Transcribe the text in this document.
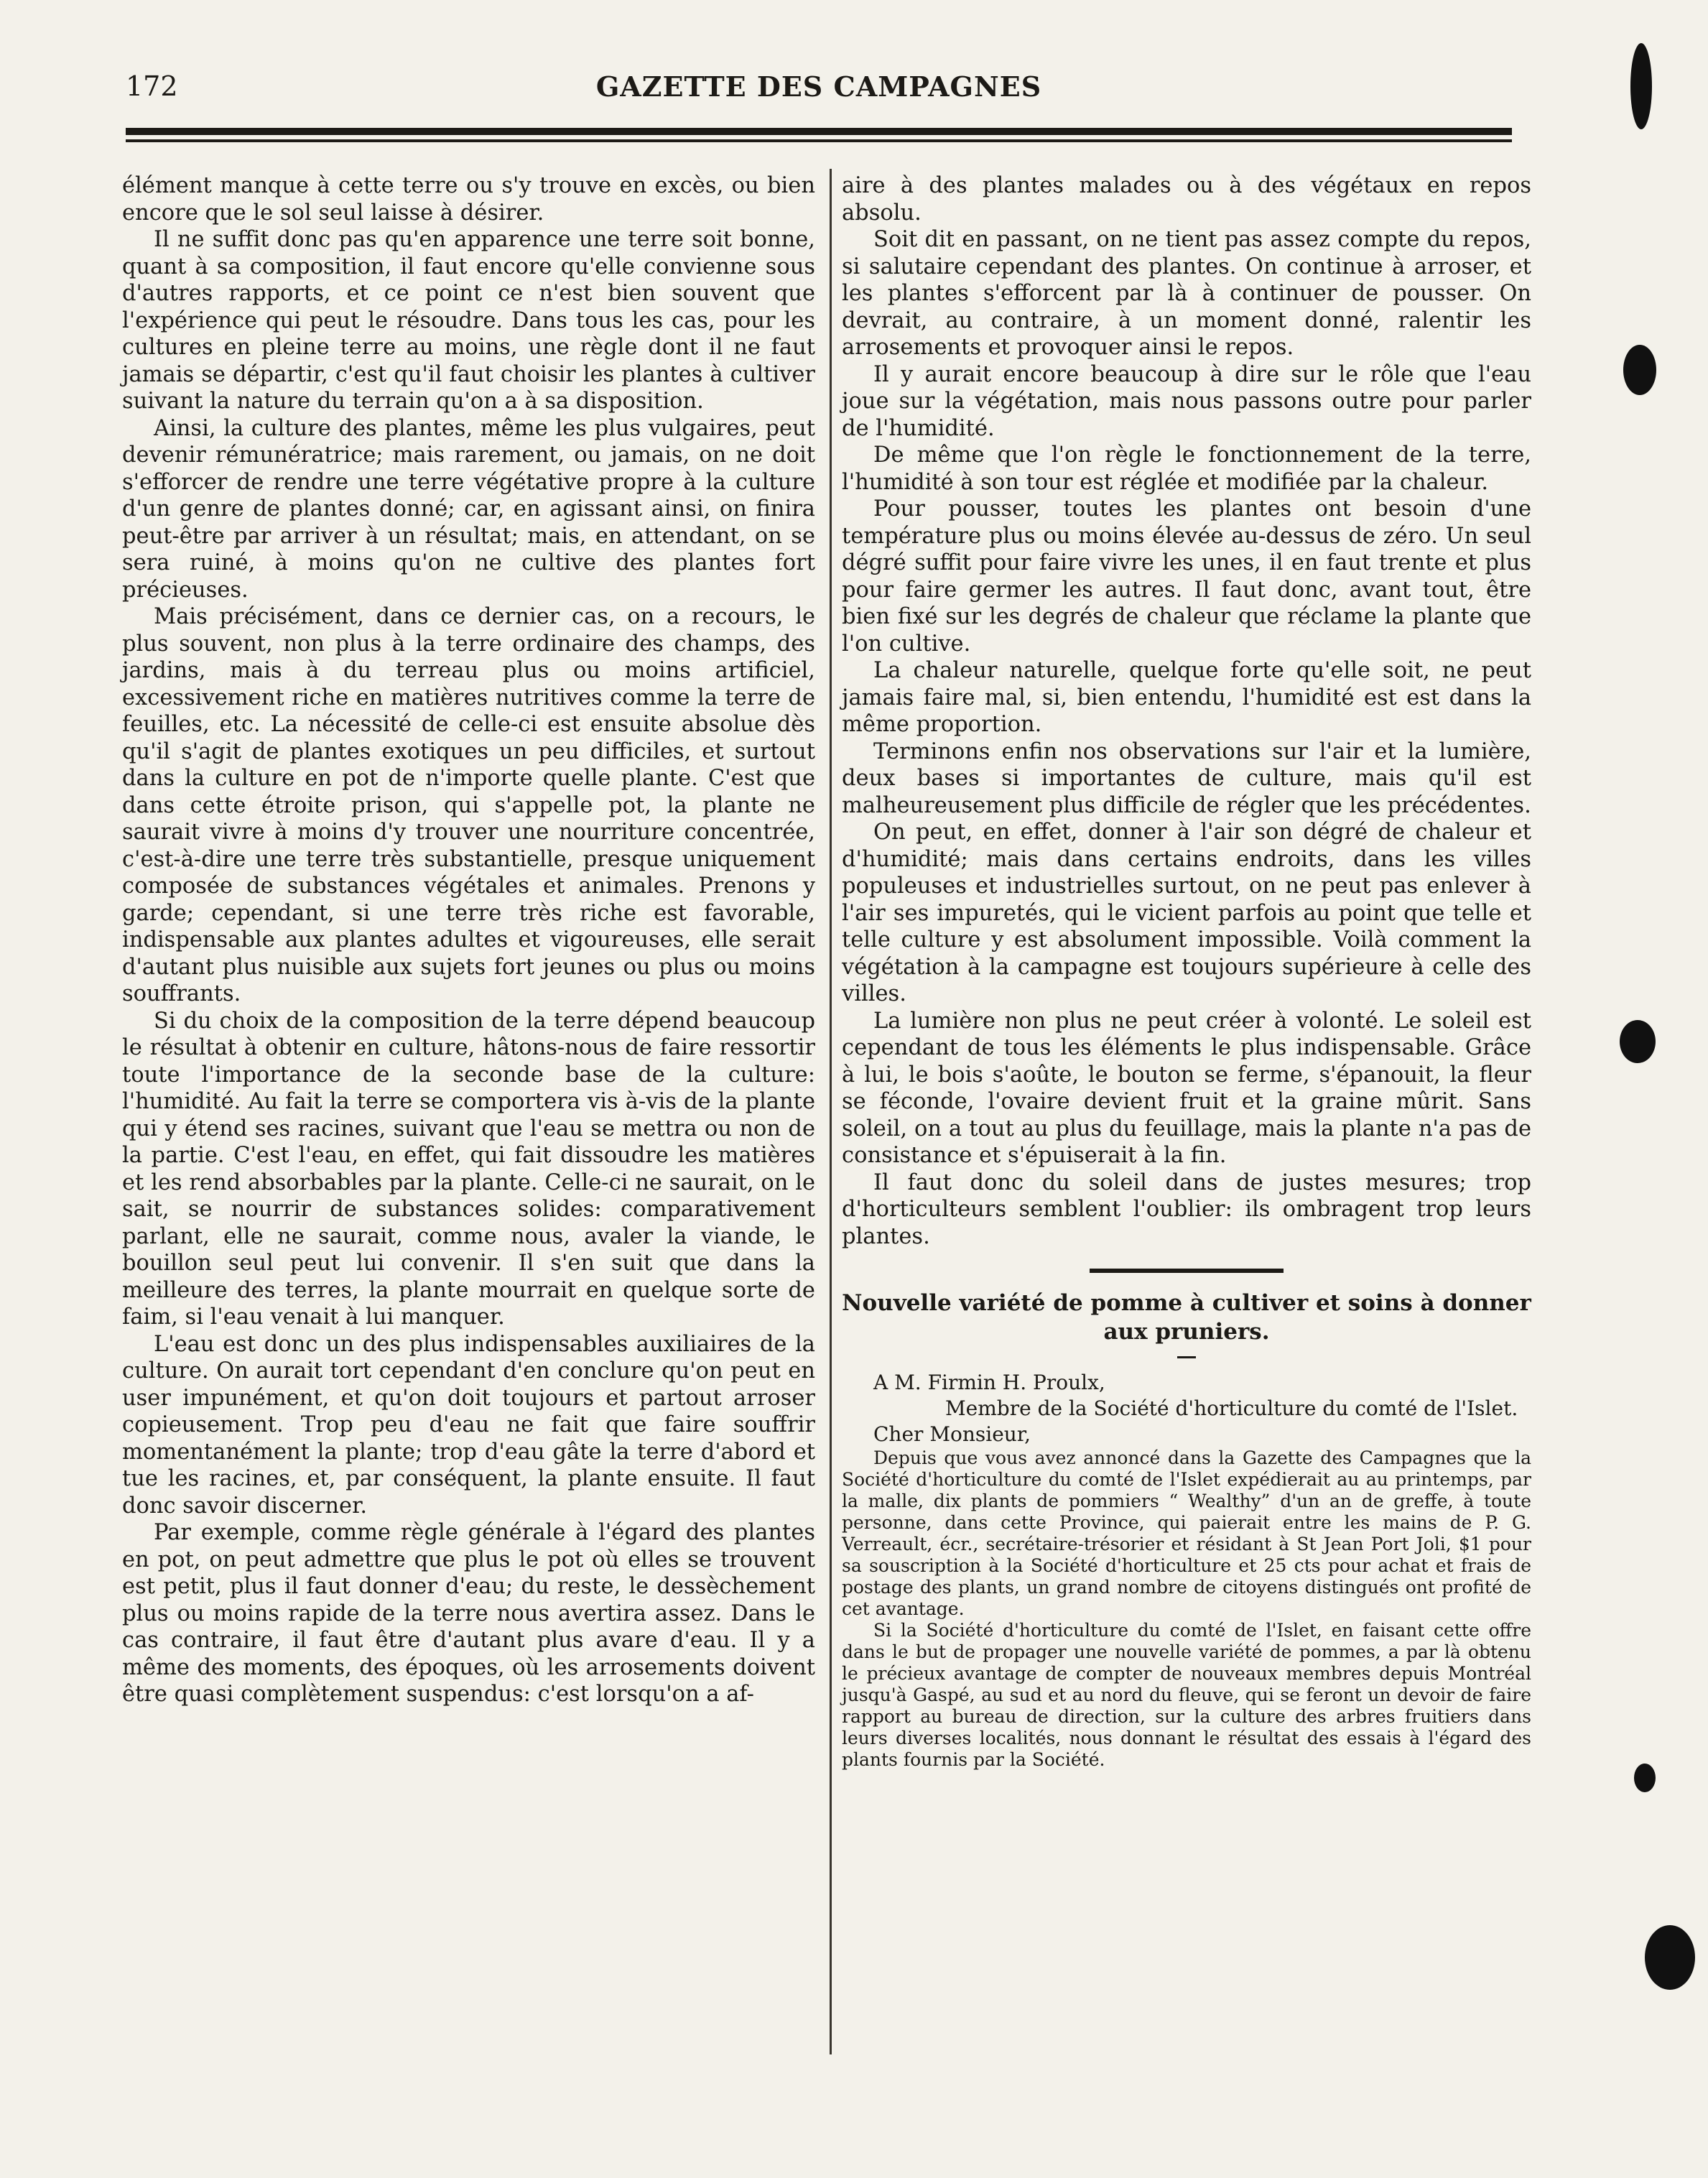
172	GAZETTE DES CAMPAGNES

élément manque à cette terre ou s'y trouve en excès, ou bien encore que le sol seul laisse à désirer.

Il ne suffit donc pas qu'en apparence une terre soit bonne, quant à sa composition, il faut encore qu'elle convienne sous d'autres rapports, et ce point ce n'est bien souvent que l'expérience qui peut le résoudre. Dans tous les cas, pour les cultures en pleine terre au moins, une règle dont il ne faut jamais se départir, c'est qu'il faut choisir les plantes à cultiver suivant la nature du terrain qu'on a à sa disposition.

Ainsi, la culture des plantes, même les plus vulgaires, peut devenir rémunératrice; mais rarement, ou jamais, on ne doit s'efforcer de rendre une terre végétative propre à la culture d'un genre de plantes donné; car, en agissant ainsi, on finira peut-être par arriver à un résultat; mais, en attendant, on se sera ruiné, à moins qu'on ne cultive des plantes fort précieuses.

Mais précisément, dans ce dernier cas, on a recours, le plus souvent, non plus à la terre ordinaire des champs, des jardins, mais à du terreau plus ou moins artificiel, excessivement riche en matières nutritives comme la terre de feuilles, etc. La nécessité de celle-ci est ensuite absolue dès qu'il s'agit de plantes exotiques un peu difficiles, et surtout dans la culture en pot de n'importe quelle plante. C'est que dans cette étroite prison, qui s'appelle pot, la plante ne saurait vivre à moins d'y trouver une nourriture concentrée, c'est-à-dire une terre très substantielle, presque uniquement composée de substances végétales et animales. Prenons y garde; cependant, si une terre très riche est favorable, indispensable aux plantes adultes et vigoureuses, elle serait d'autant plus nuisible aux sujets fort jeunes ou plus ou moins souffrants.

Si du choix de la composition de la terre dépend beaucoup le résultat à obtenir en culture, hâtons-nous de faire ressortir toute l'importance de la seconde base de la culture: l'humidité. Au fait la terre se comportera vis à-vis de la plante qui y étend ses racines, suivant que l'eau se mettra ou non de la partie. C'est l'eau, en effet, qui fait dissoudre les matières et les rend absorbables par la plante. Celle-ci ne saurait, on le sait, se nourrir de substances solides: comparativement parlant, elle ne saurait, comme nous, avaler la viande, le bouillon seul peut lui convenir. Il s'en suit que dans la meilleure des terres, la plante mourrait en quelque sorte de faim, si l'eau venait à lui manquer.

L'eau est donc un des plus indispensables auxiliaires de la culture. On aurait tort cependant d'en conclure qu'on peut en user impunément, et qu'on doit toujours et partout arroser copieusement. Trop peu d'eau ne fait que faire souffrir momentanément la plante; trop d'eau gâte la terre d'abord et tue les racines, et, par conséquent, la plante ensuite. Il faut donc savoir discerner.

Par exemple, comme règle générale à l'égard des plantes en pot, on peut admettre que plus le pot où elles se trouvent est petit, plus il faut donner d'eau; du reste, le dessèchement plus ou moins rapide de la terre nous avertira assez. Dans le cas contraire, il faut être d'autant plus avare d'eau. Il y a même des moments, des époques, où les arrosements doivent être quasi complètement suspendus: c'est lorsqu'on a af-

aire à des plantes malades ou à des végétaux en repos absolu.

Soit dit en passant, on ne tient pas assez compte du repos, si salutaire cependant des plantes. On continue à arroser, et les plantes s'efforcent par là à continuer de pousser. On devrait, au contraire, à un moment donné, ralentir les arrosements et provoquer ainsi le repos.

Il y aurait encore beaucoup à dire sur le rôle que l'eau joue sur la végétation, mais nous passons outre pour parler de l'humidité.

De même que l'on règle le fonctionnement de la terre, l'humidité à son tour est réglée et modifiée par la chaleur.

Pour pousser, toutes les plantes ont besoin d'une température plus ou moins élevée au-dessus de zéro. Un seul dégré suffit pour faire vivre les unes, il en faut trente et plus pour faire germer les autres. Il faut donc, avant tout, être bien fixé sur les degrés de chaleur que réclame la plante que l'on cultive.

La chaleur naturelle, quelque forte qu'elle soit, ne peut jamais faire mal, si, bien entendu, l'humidité est est dans la même proportion.

Terminons enfin nos observations sur l'air et la lumière, deux bases si importantes de culture, mais qu'il est malheureusement plus difficile de régler que les précédentes.

On peut, en effet, donner à l'air son dégré de chaleur et d'humidité; mais dans certains endroits, dans les villes populeuses et industrielles surtout, on ne peut pas enlever à l'air ses impuretés, qui le vicient parfois au point que telle et telle culture y est absolument impossible. Voilà comment la végétation à la campagne est toujours supérieure à celle des villes.

La lumière non plus ne peut créer à volonté. Le soleil est cependant de tous les éléments le plus indispensable. Grâce à lui, le bois s'aoûte, le bouton se ferme, s'épanouit, la fleur se féconde, l'ovaire devient fruit et la graine mûrit. Sans soleil, on a tout au plus du feuillage, mais la plante n'a pas de consistance et s'épuiserait à la fin.

Il faut donc du soleil dans de justes mesures; trop d'horticulteurs semblent l'oublier: ils ombragent trop leurs plantes.

Nouvelle variété de pomme à cultiver et soins à donner aux pruniers.

A M. Firmin H. Proulx,

Membre de la Société d'horticulture du comté de l'Islet.

Cher Monsieur,

Depuis que vous avez annoncé dans la Gazette des Campagnes que la Société d'horticulture du comté de l'Islet expédierait au au printemps, par la malle, dix plants de pommiers “ Wealthy” d'un an de greffe, à toute personne, dans cette Province, qui paierait entre les mains de P. G. Verreault, écr., secrétaire-trésorier et résidant à St Jean Port Joli, $1 pour sa souscription à la Société d'horticulture et 25 cts pour achat et frais de postage des plants, un grand nombre de citoyens distingués ont profité de cet avantage.

Si la Société d'horticulture du comté de l'Islet, en faisant cette offre dans le but de propager une nouvelle variété de pommes, a par là obtenu le précieux avantage de compter de nouveaux membres depuis Montréal jusqu'à Gaspé, au sud et au nord du fleuve, qui se feront un devoir de faire rapport au bureau de direction, sur la culture des arbres fruitiers dans leurs diverses localités, nous donnant le résultat des essais à l'égard des plants fournis par la Société.
